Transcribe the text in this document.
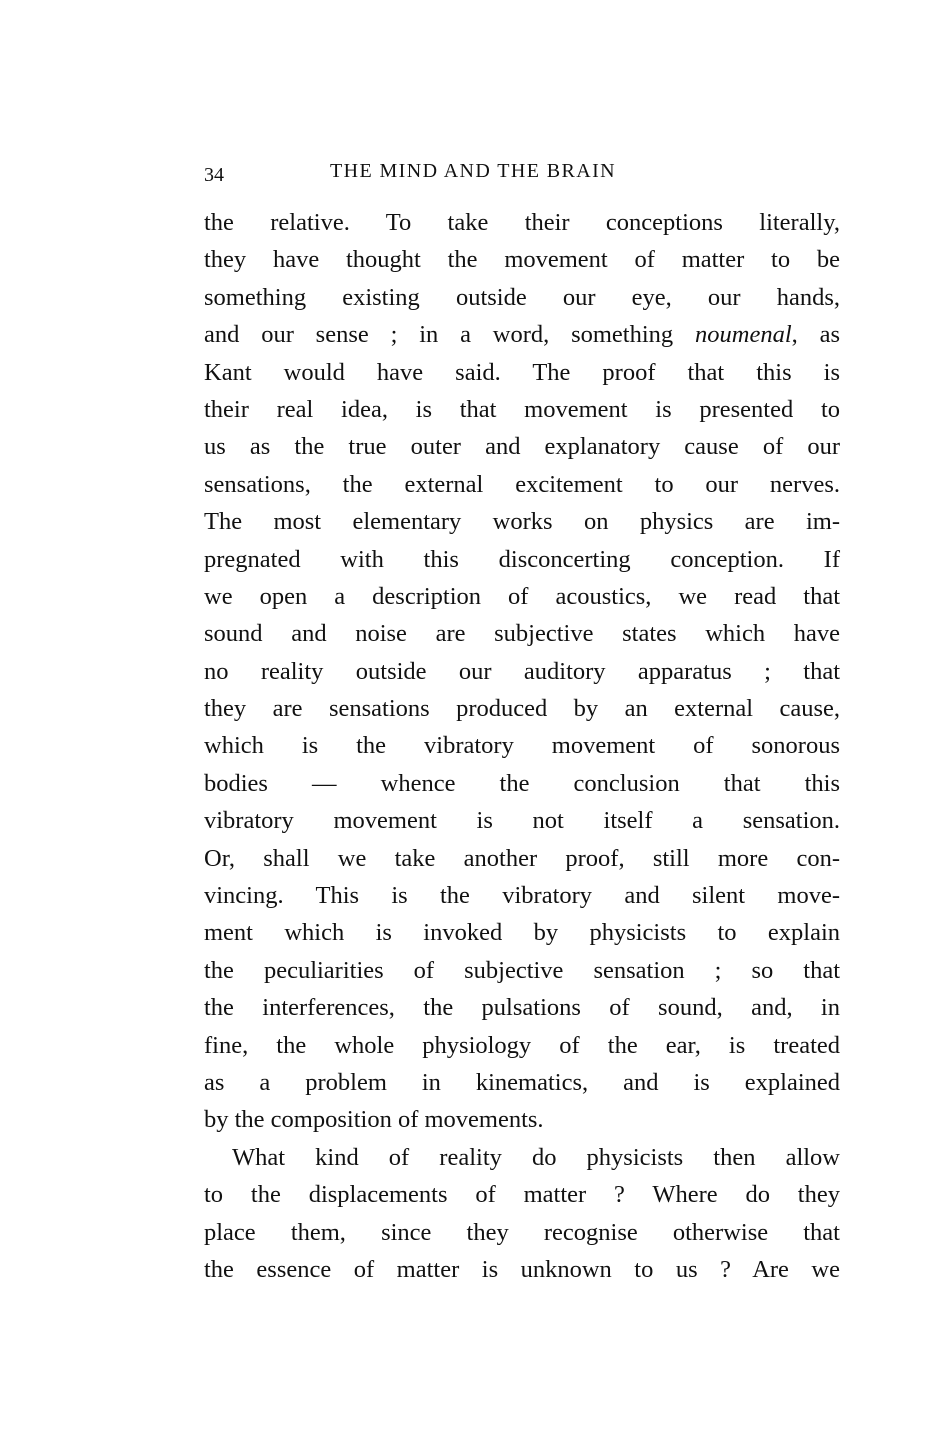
34	THE MIND AND THE BRAIN
the relative. To take their conceptions literally,
they have thought the movement of matter to be
something existing outside our eye, our hands,
and our sense ; in a word, something noumenal, as
Kant would have said. The proof that this is
their real idea, is that movement is presented to
us as the true outer and explanatory cause of our
sensations, the external excitement to our nerves.
The most elementary works on physics are im-
pregnated with this disconcerting conception. If
we open a description of acoustics, we read that
sound and noise are subjective states which have
no reality outside our auditory apparatus ; that
they are sensations produced by an external cause,
which is the vibratory movement of sonorous
bodies — whence the conclusion that this
vibratory movement is not itself a sensation.
Or, shall we take another proof, still more con-
vincing. This is the vibratory and silent move-
ment which is invoked by physicists to explain
the peculiarities of subjective sensation ; so that
the interferences, the pulsations of sound, and, in
fine, the whole physiology of the ear, is treated
as a problem in kinematics, and is explained
by the composition of movements.
What kind of reality do physicists then allow
to the displacements of matter ? Where do they
place them, since they recognise otherwise that
the essence of matter is unknown to us ? Are we
